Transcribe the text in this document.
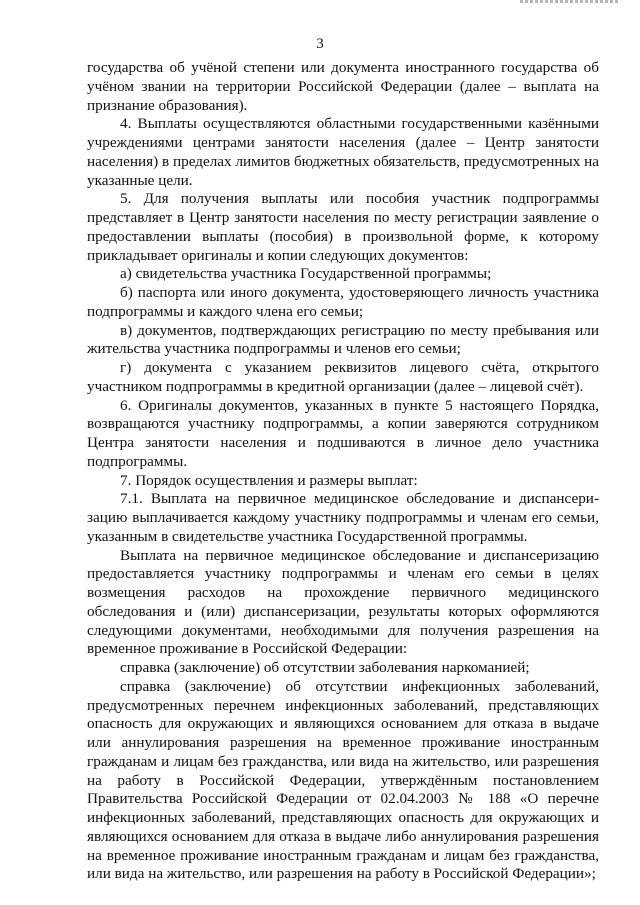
3

государства об учёной степени или документа иностранного государства об учёном звании на территории Российской Федерации (далее – выплата на признание образования).

4. Выплаты осуществляются областными государственными казёнными учреждениями центрами занятости населения (далее – Центр занятости населения) в пределах лимитов бюджетных обязательств, предусмотренных на указанные цели.

5. Для получения выплаты или пособия участник подпрограммы представляет в Центр занятости населения по месту регистрации заявление о предоставлении выплаты (пособия) в произвольной форме, к которому прикладывает оригиналы и копии следующих документов:

а) свидетельства участника Государственной программы;

б) паспорта или иного документа, удостоверяющего личность участника подпрограммы и каждого члена его семьи;

в) документов, подтверждающих регистрацию по месту пребывания или жительства участника подпрограммы и членов его семьи;

г) документа с указанием реквизитов лицевого счёта, открытого участником подпрограммы в кредитной организации (далее – лицевой счёт).

6. Оригиналы документов, указанных в пункте 5 настоящего Порядка, возвращаются участнику подпрограммы, а копии заверяются сотрудником Центра занятости населения и подшиваются в личное дело участника подпрограммы.

7. Порядок осуществления и размеры выплат:

7.1. Выплата на первичное медицинское обследование и диспансеризацию выплачивается каждому участнику подпрограммы и членам его семьи, указанным в свидетельстве участника Государственной программы.

Выплата на первичное медицинское обследование и диспансеризацию предоставляется участнику подпрограммы и членам его семьи в целях возмещения расходов на прохождение первичного медицинского обследования и (или) диспансеризации, результаты которых оформляются следующими документами, необходимыми для получения разрешения на временное проживание в Российской Федерации:

справка (заключение) об отсутствии заболевания наркоманией;

справка (заключение) об отсутствии инфекционных заболеваний, предусмотренных перечнем инфекционных заболеваний, представляющих опасность для окружающих и являющихся основанием для отказа в выдаче или аннулирования разрешения на временное проживание иностранным гражданам и лицам без гражданства, или вида на жительство, или разрешения на работу в Российской Федерации, утверждённым постановлением Правительства Российской Федерации от 02.04.2003 № 188 «О перечне инфекционных заболеваний, представляющих опасность для окружающих и являющихся основанием для отказа в выдаче либо аннулирования разрешения на временное проживание иностранным гражданам и лицам без гражданства, или вида на жительство, или разрешения на работу в Российской Федерации»;
